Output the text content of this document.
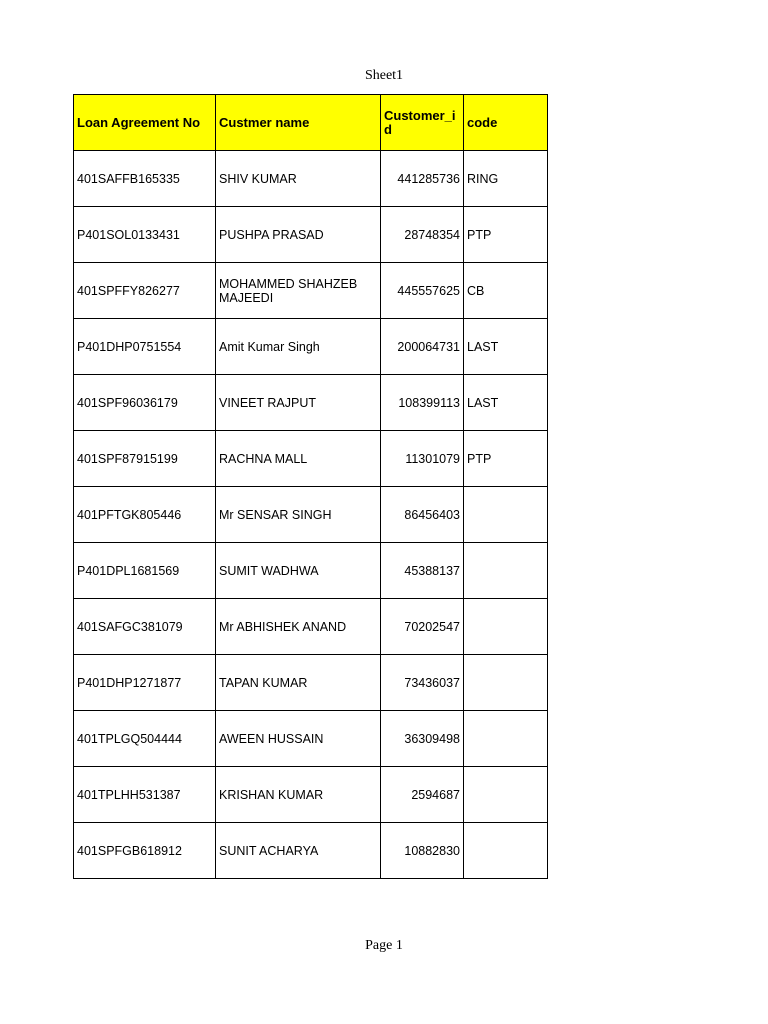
Sheet1
Loan Agreement No	Custmer name	Customer_id	code
401SAFFB165335	SHIV KUMAR	441285736	RING
P401SOL0133431	PUSHPA PRASAD	28748354	PTP
401SPFFY826277	MOHAMMED SHAHZEB MAJEEDI	445557625	CB
P401DHP0751554	Amit Kumar Singh	200064731	LAST
401SPF96036179	VINEET RAJPUT	108399113	LAST
401SPF87915199	RACHNA MALL	11301079	PTP
401PFTGK805446	Mr SENSAR SINGH	86456403	
P401DPL1681569	SUMIT WADHWA	45388137	
401SAFGC381079	Mr ABHISHEK ANAND	70202547	
P401DHP1271877	TAPAN KUMAR	73436037	
401TPLGQ504444	AWEEN HUSSAIN	36309498	
401TPLHH531387	KRISHAN KUMAR	2594687	
401SPFGB618912	SUNIT ACHARYA	10882830	
Page 1
